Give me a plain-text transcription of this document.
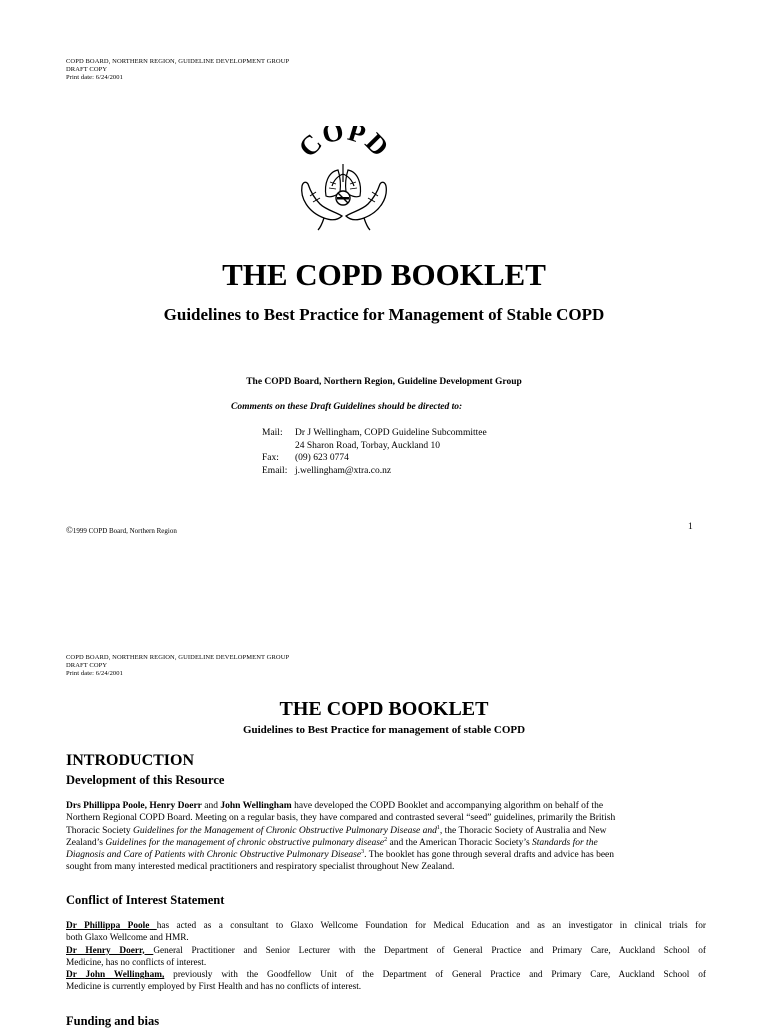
COPD BOARD, NORTHERN REGION, GUIDELINE DEVELOPMENT GROUP
DRAFT COPY
Print date: 6/24/2001
COPD
THE COPD BOOKLET
Guidelines to Best Practice for Management of Stable COPD
The COPD Board, Northern Region, Guideline Development Group
Comments on these Draft Guidelines should be directed to:
Mail: Dr J Wellingham, COPD Guideline Subcommittee
24 Sharon Road, Torbay, Auckland 10
Fax: (09) 623 0774
Email: j.wellingham@xtra.co.nz
©1999 COPD Board, Northern Region	1
COPD BOARD, NORTHERN REGION, GUIDELINE DEVELOPMENT GROUP
DRAFT COPY
Print date: 6/24/2001
THE COPD BOOKLET
Guidelines to Best Practice for management of stable COPD
INTRODUCTION
Development of this Resource
Drs Phillippa Poole, Henry Doerr and John Wellingham have developed the COPD Booklet and accompanying algorithm on behalf of the
Northern Regional COPD Board. Meeting on a regular basis, they have compared and contrasted several “seed” guidelines, primarily the British
Thoracic Society Guidelines for the Management of Chronic Obstructive Pulmonary Disease and$^1$, the Thoracic Society of Australia and New
Zealand’s Guidelines for the management of chronic obstructive pulmonary disease$^2$ and the American Thoracic Society’s Standards for the
Diagnosis and Care of Patients with Chronic Obstructive Pulmonary Disease$^3$. The booklet has gone through several drafts and advice has been
sought from many interested medical practitioners and respiratory specialist throughout New Zealand.
Conflict of Interest Statement
Dr Phillippa Poole has acted as a consultant to Glaxo Wellcome Foundation for Medical Education and as an investigator in clinical trials for
both Glaxo Wellcome and HMR.
Dr Henry Doerr, General Practitioner and Senior Lecturer with the Department of General Practice and Primary Care, Auckland School of
Medicine, has no conflicts of interest.
Dr John Wellingham, previously with the Goodfellow Unit of the Department of General Practice and Primary Care, Auckland School of
Medicine is currently employed by First Health and has no conflicts of interest.
Funding and bias
